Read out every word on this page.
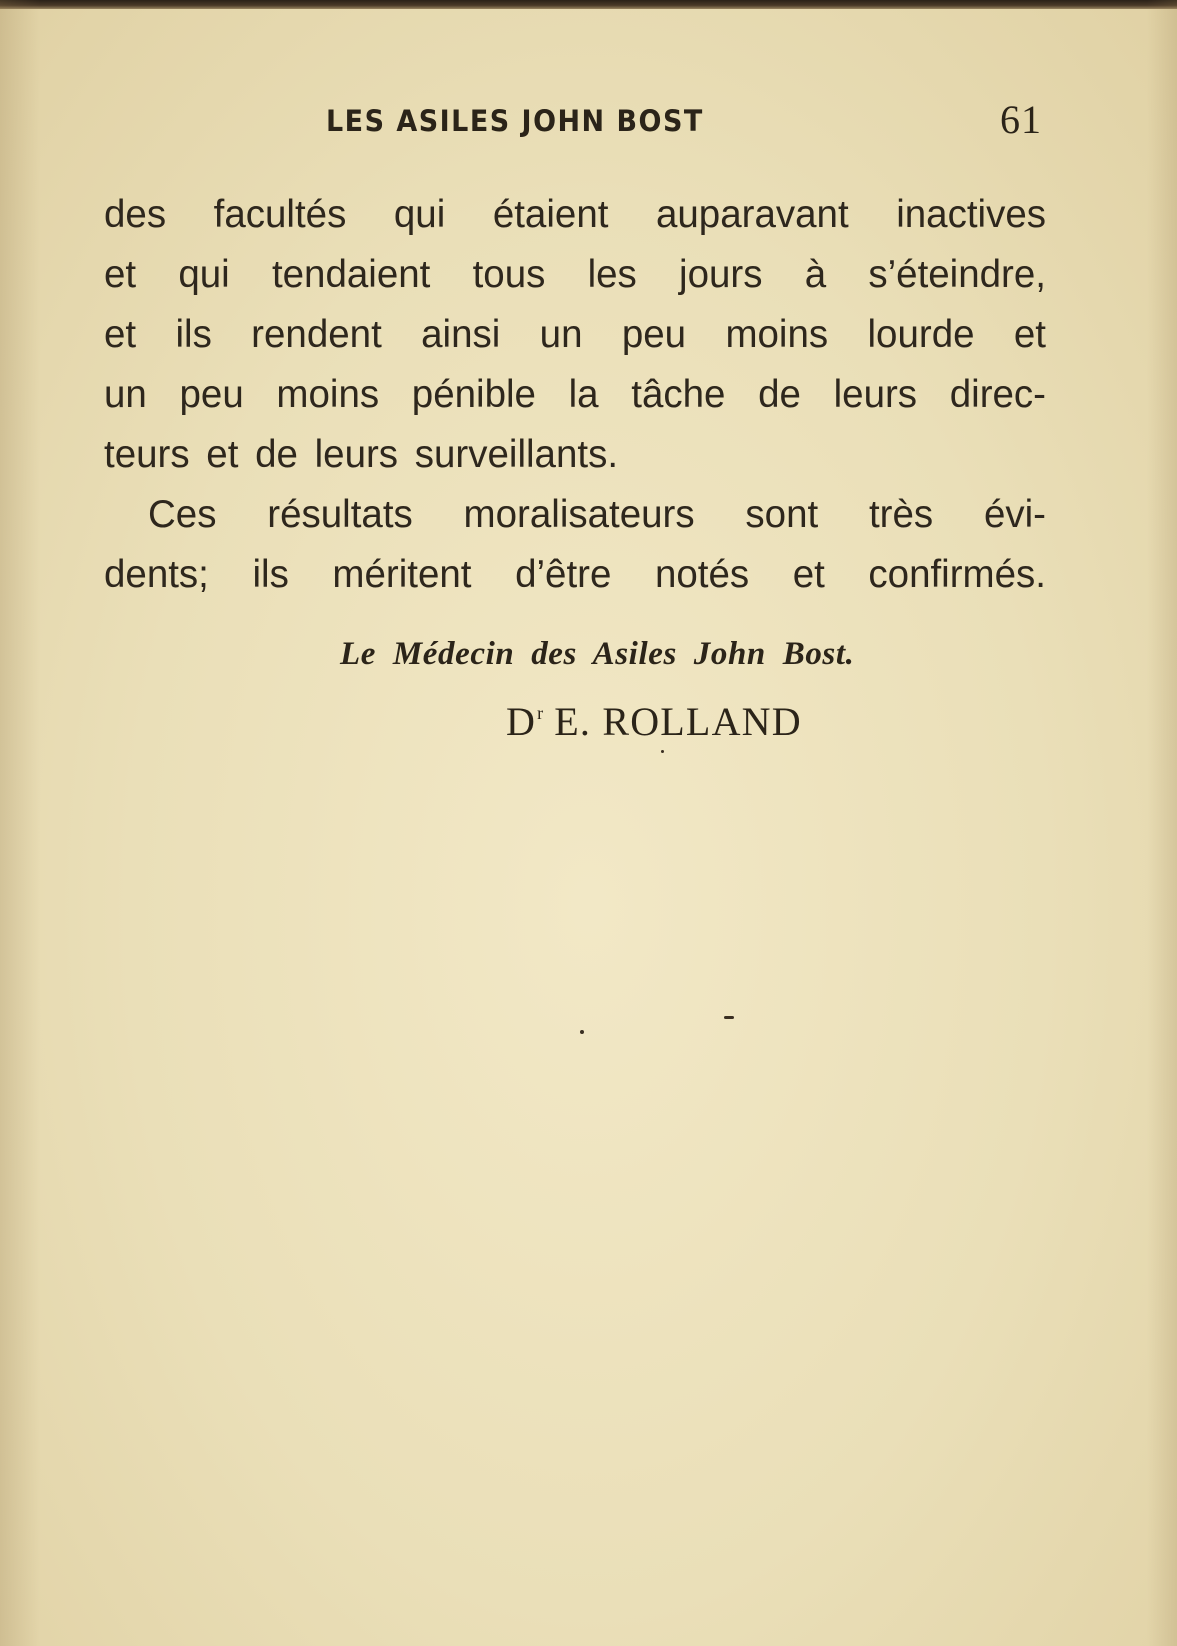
LES ASILES JOHN BOST	61
des facultés qui étaient auparavant inactives
et qui tendaient tous les jours à s’éteindre,
et ils rendent ainsi un peu moins lourde et
un peu moins pénible la tâche de leurs direc-
teurs et de leurs surveillants.
Ces résultats moralisateurs sont très évi-
dents; ils méritent d’être notés et confirmés.
Le Médecin des Asiles John Bost.
$D^r$ E. ROLLAND
